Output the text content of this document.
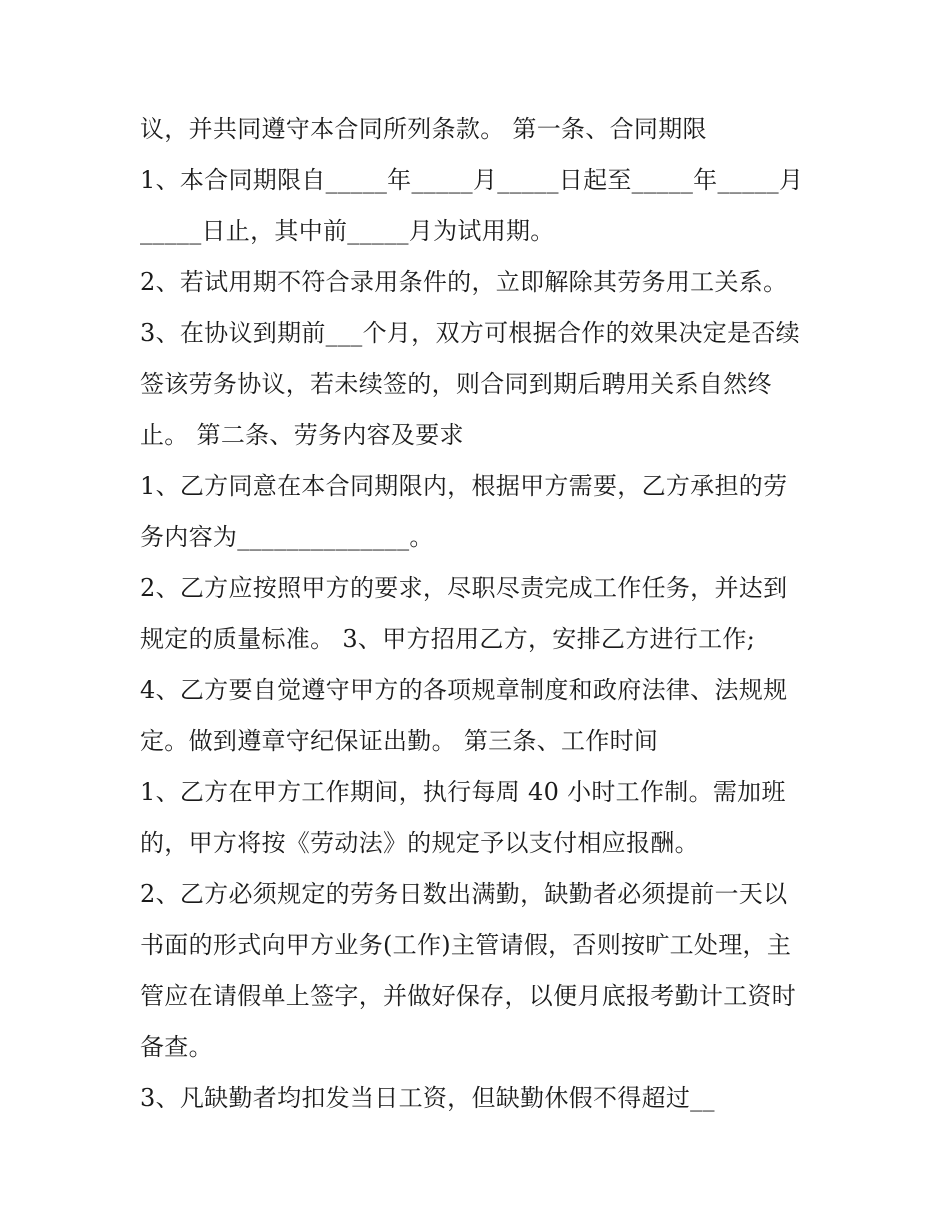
议，并共同遵守本合同所列条款。 第一条、合同期限
1、本合同期限自_____年_____月_____日起至_____年_____月
_____日止，其中前_____月为试用期。
2、若试用期不符合录用条件的，立即解除其劳务用工关系。
3、在协议到期前___个月，双方可根据合作的效果决定是否续
签该劳务协议，若未续签的，则合同到期后聘用关系自然终
止。 第二条、劳务内容及要求
1、乙方同意在本合同期限内，根据甲方需要，乙方承担的劳
务内容为______________。
2、乙方应按照甲方的要求，尽职尽责完成工作任务，并达到
规定的质量标准。 3、甲方招用乙方，安排乙方进行工作;
4、乙方要自觉遵守甲方的各项规章制度和政府法律、法规规
定。做到遵章守纪保证出勤。 第三条、工作时间
1、乙方在甲方工作期间，执行每周 40 小时工作制。需加班
的，甲方将按《劳动法》的规定予以支付相应报酬。
2、乙方必须规定的劳务日数出满勤，缺勤者必须提前一天以
书面的形式向甲方业务(工作)主管请假，否则按旷工处理，主
管应在请假单上签字，并做好保存，以便月底报考勤计工资时
备查。
3、凡缺勤者均扣发当日工资，但缺勤休假不得超过__
